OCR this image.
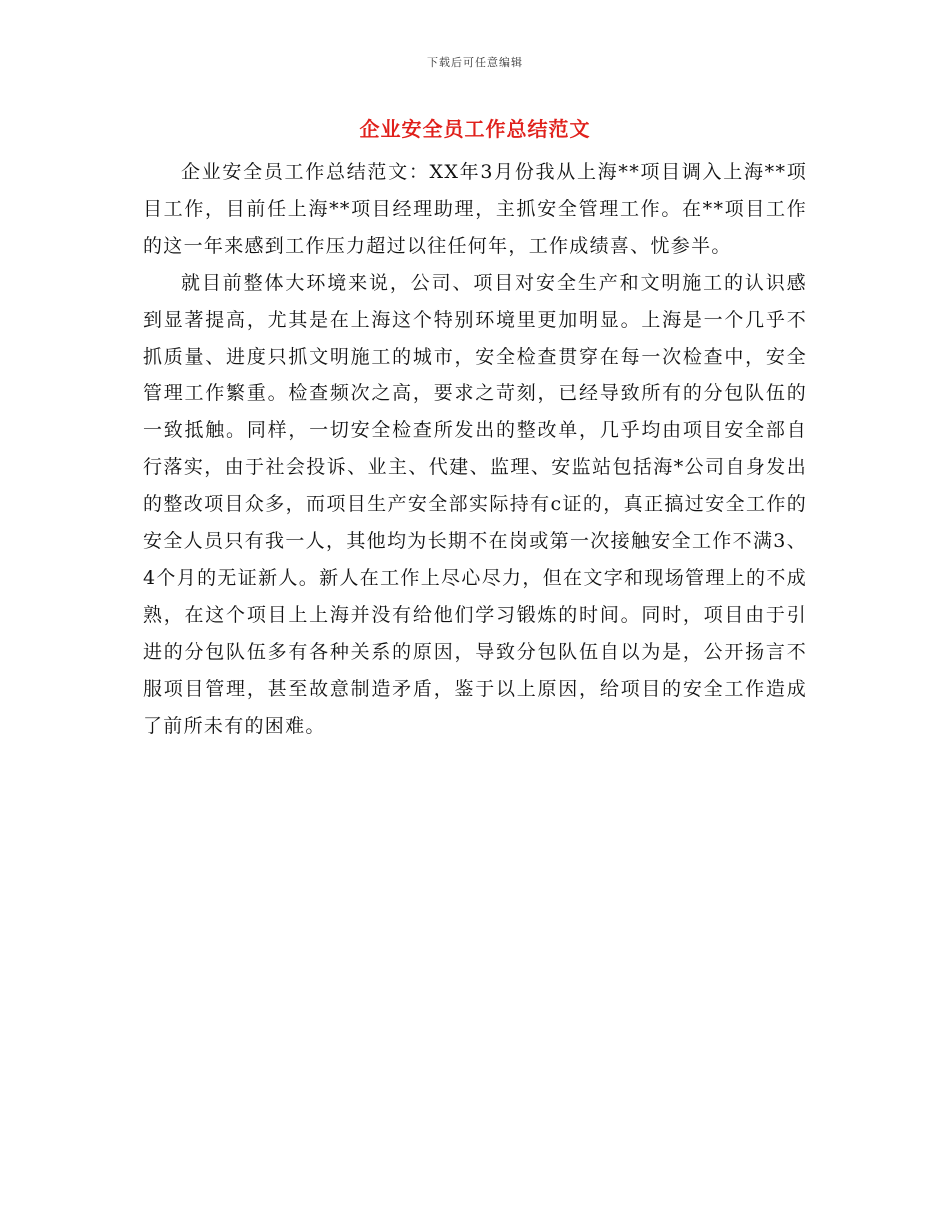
下载后可任意编辑
企业安全员工作总结范文

企业安全员工作总结范文：XX年3月份我从上海**项目调入上海**项目工作，目前任上海**项目经理助理，主抓安全管理工作。在**项目工作的这一年来感到工作压力超过以往任何年，工作成绩喜、忧参半。

就目前整体大环境来说，公司、项目对安全生产和文明施工的认识感到显著提高，尤其是在上海这个特别环境里更加明显。上海是一个几乎不抓质量、进度只抓文明施工的城市，安全检查贯穿在每一次检查中，安全管理工作繁重。检查频次之高，要求之苛刻，已经导致所有的分包队伍的一致抵触。同样，一切安全检查所发出的整改单，几乎均由项目安全部自行落实，由于社会投诉、业主、代建、监理、安监站包括海*公司自身发出的整改项目众多，而项目生产安全部实际持有c证的，真正搞过安全工作的安全人员只有我一人，其他均为长期不在岗或第一次接触安全工作不满3、4个月的无证新人。新人在工作上尽心尽力，但在文字和现场管理上的不成熟，在这个项目上上海并没有给他们学习锻炼的时间。同时，项目由于引进的分包队伍多有各种关系的原因，导致分包队伍自以为是，公开扬言不服项目管理，甚至故意制造矛盾，鉴于以上原因，给项目的安全工作造成了前所未有的困难。
